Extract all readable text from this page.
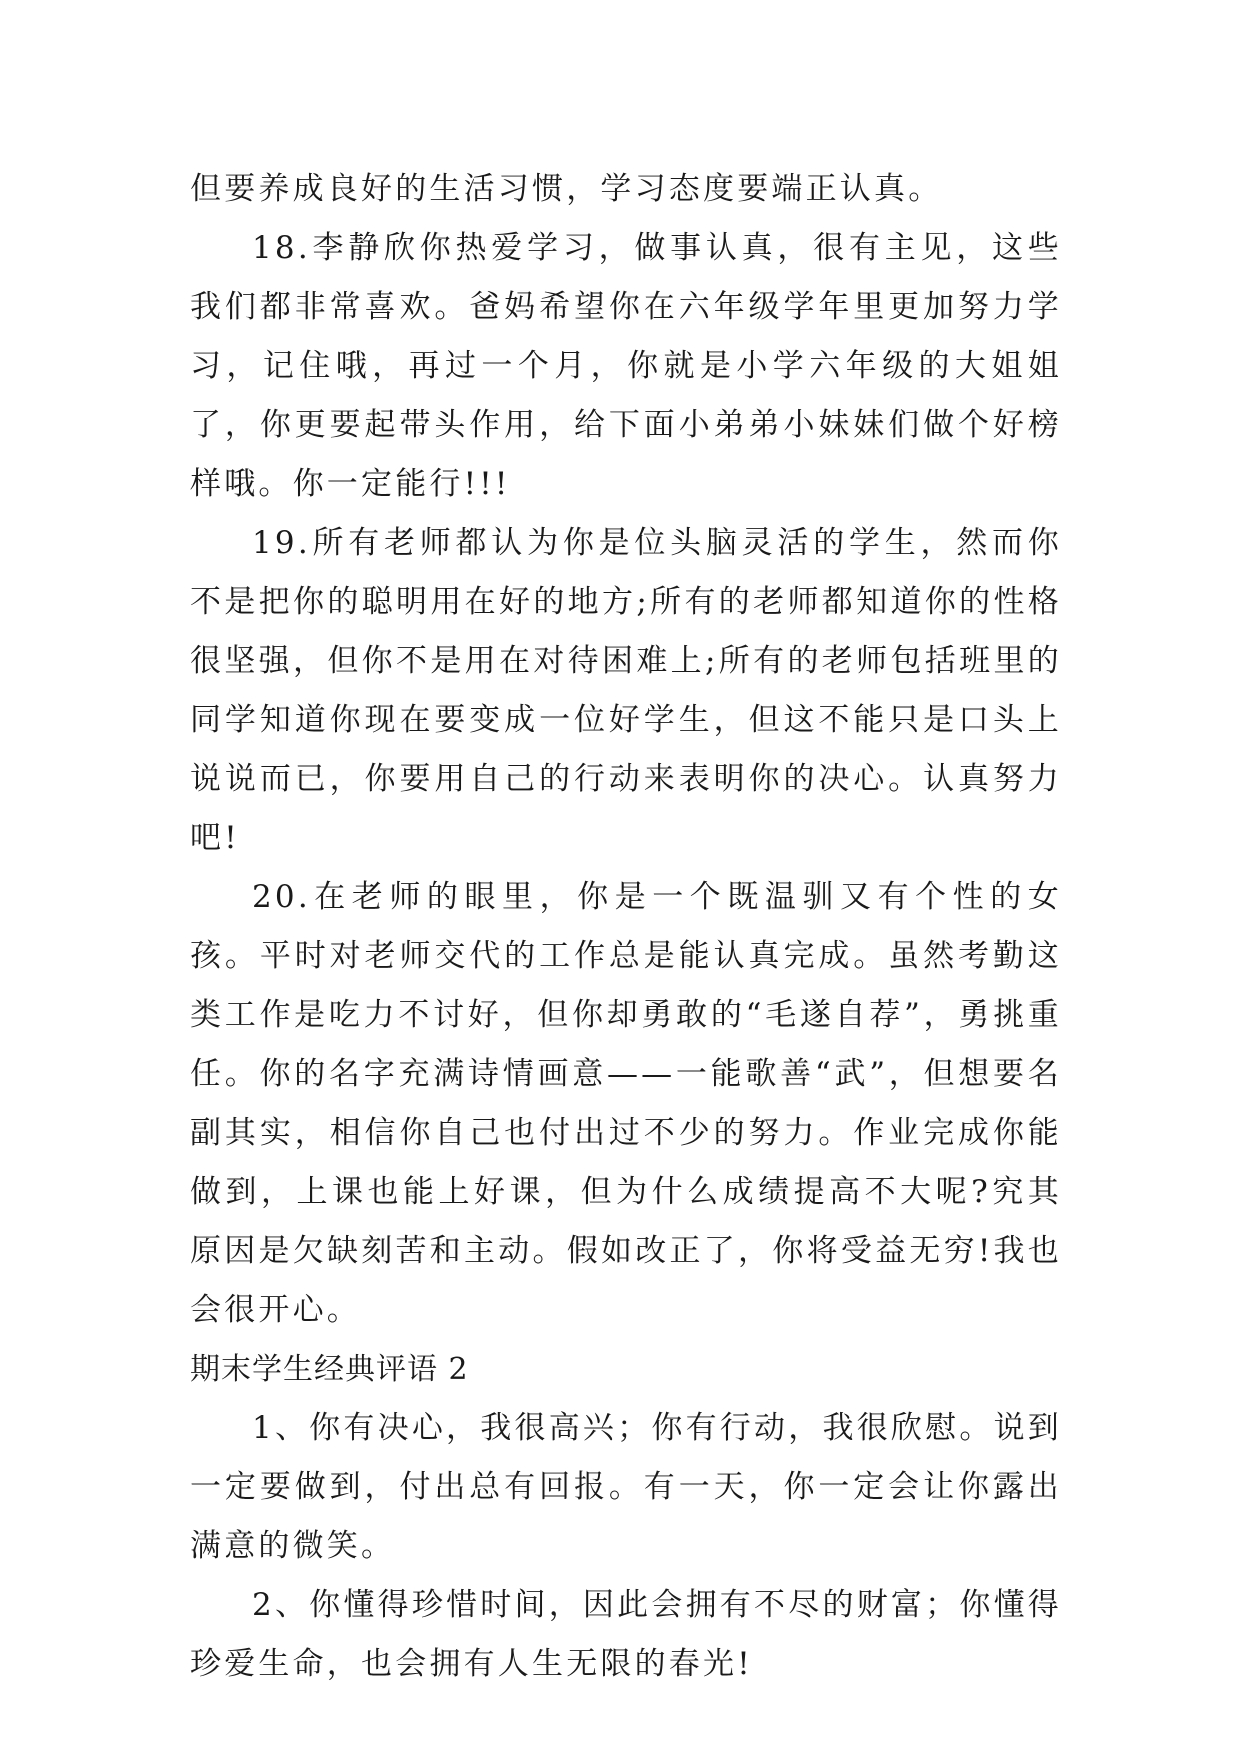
但要养成良好的生活习惯，学习态度要端正认真。

18.李静欣你热爱学习，做事认真，很有主见，这些我们都非常喜欢。爸妈希望你在六年级学年里更加努力学习，记住哦，再过一个月，你就是小学六年级的大姐姐了，你更要起带头作用，给下面小弟弟小妹妹们做个好榜样哦。你一定能行!!!

19.所有老师都认为你是位头脑灵活的学生，然而你不是把你的聪明用在好的地方;所有的老师都知道你的性格很坚强，但你不是用在对待困难上;所有的老师包括班里的同学知道你现在要变成一位好学生，但这不能只是口头上说说而已，你要用自己的行动来表明你的决心。认真努力吧!

20.在老师的眼里，你是一个既温驯又有个性的女孩。平时对老师交代的工作总是能认真完成。虽然考勤这类工作是吃力不讨好，但你却勇敢的“毛遂自荐”，勇挑重任。你的名字充满诗情画意——一能歌善“武”，但想要名副其实，相信你自己也付出过不少的努力。作业完成你能做到，上课也能上好课，但为什么成绩提高不大呢?究其原因是欠缺刻苦和主动。假如改正了，你将受益无穷!我也会很开心。

期末学生经典评语 2

1、你有决心，我很高兴；你有行动，我很欣慰。说到一定要做到，付出总有回报。有一天，你一定会让你露出满意的微笑。

2、你懂得珍惜时间，因此会拥有不尽的财富；你懂得珍爱生命，也会拥有人生无限的春光!
